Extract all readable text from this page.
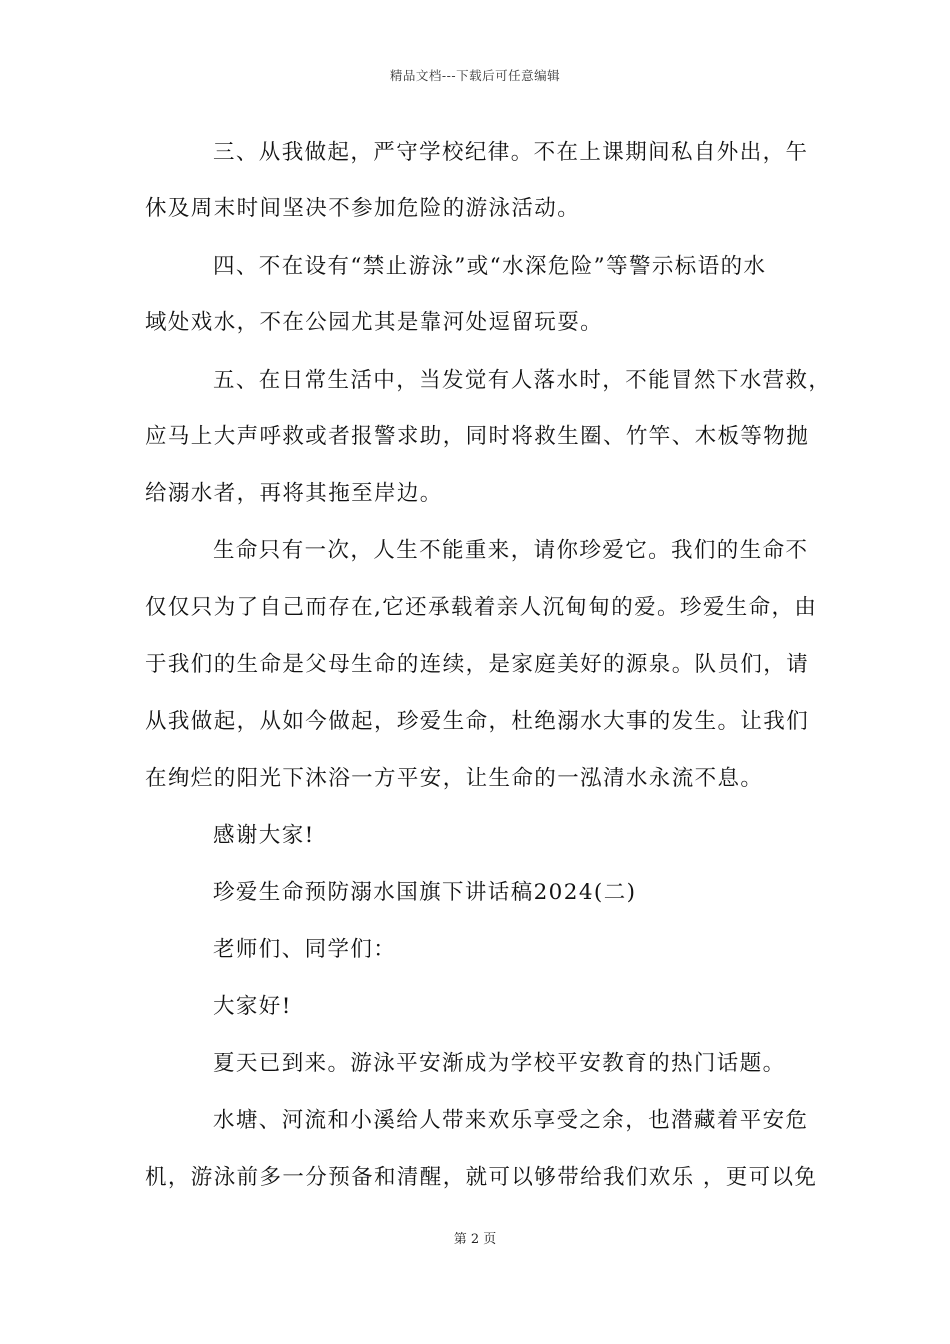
精品文档---下载后可任意编辑
三、从我做起，严守学校纪律。不在上课期间私自外出，午
休及周末时间坚决不参加危险的游泳活动。
四、不在设有“禁止游泳”或“水深危险”等警示标语的水
域处戏水，不在公园尤其是靠河处逗留玩耍。
五、在日常生活中，当发觉有人落水时，不能冒然下水营救，
应马上大声呼救或者报警求助，同时将救生圈、竹竿、木板等物抛
给溺水者，再将其拖至岸边。
生命只有一次，人生不能重来，请你珍爱它。我们的生命不
仅仅只为了自己而存在,它还承载着亲人沉甸甸的爱。珍爱生命，由
于我们的生命是父母生命的连续，是家庭美好的源泉。队员们，请
从我做起，从如今做起，珍爱生命，杜绝溺水大事的发生。让我们
在绚烂的阳光下沐浴一方平安，让生命的一泓清水永流不息。
感谢大家!
珍爱生命预防溺水国旗下讲话稿2024(二)
老师们、同学们：
大家好!
夏天已到来。游泳平安渐成为学校平安教育的热门话题。
水塘、河流和小溪给人带来欢乐享受之余，也潜藏着平安危
机，游泳前多一分预备和清醒，就可以够带给我们欢乐 ，更可以免
第 2 页
